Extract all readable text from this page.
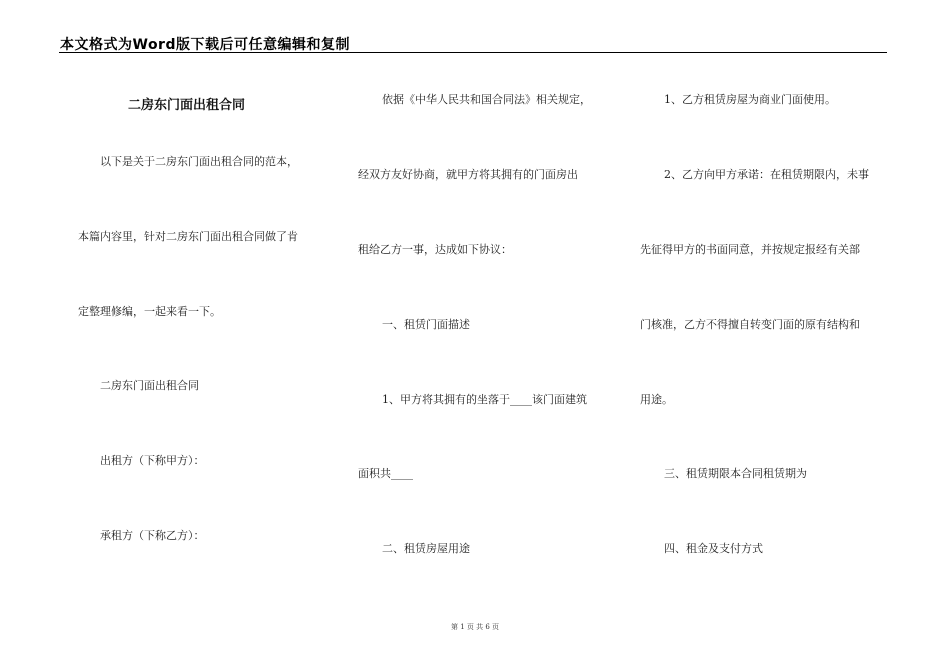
本文格式为Word版下载后可任意编辑和复制
二房东门面出租合同
以下是关于二房东门面出租合同的范本，
本篇内容里，针对二房东门面出租合同做了肯
定整理修编，一起来看一下。
二房东门面出租合同
出租方（下称甲方）：
承租方（下称乙方）：
依据《中华人民共和国合同法》相关规定，
经双方友好协商，就甲方将其拥有的门面房出
租给乙方一事，达成如下协议：
一、租赁门面描述
1、甲方将其拥有的坐落于____该门面建筑
面积共____
二、租赁房屋用途
1、乙方租赁房屋为商业门面使用。
2、乙方向甲方承诺：在租赁期限内，未事
先征得甲方的书面同意，并按规定报经有关部
门核准，乙方不得擅自转变门面的原有结构和
用途。
三、租赁期限本合同租赁期为
四、租金及支付方式
第 1 页 共 6 页
